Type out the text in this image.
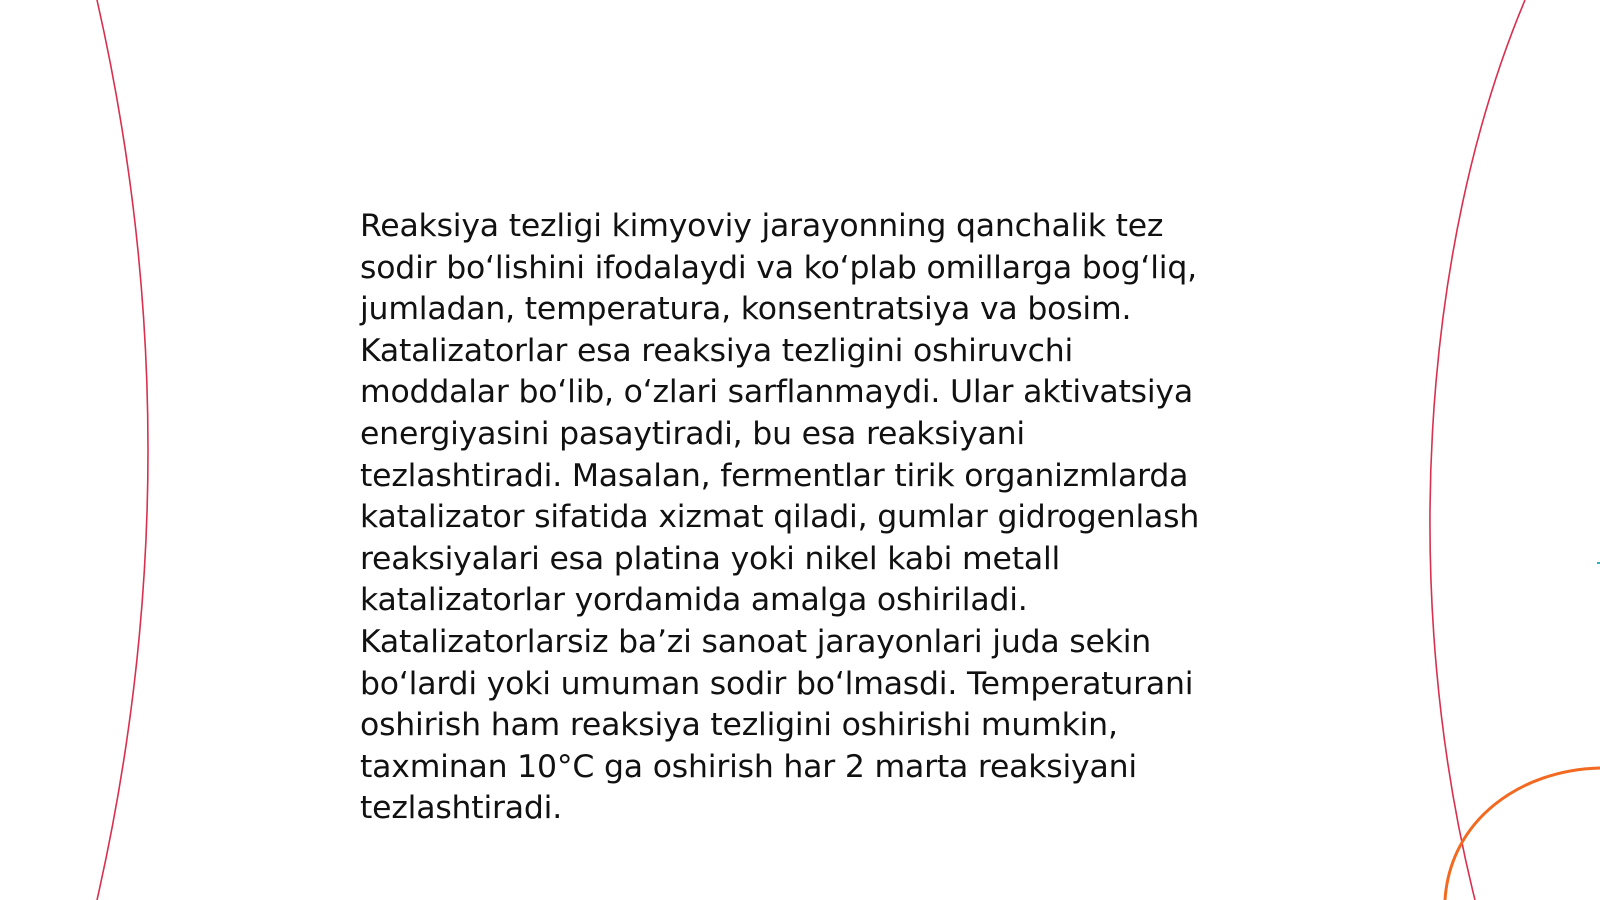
Reaksiya tezligi kimyoviy jarayonning qanchalik tez
sodir bo‘lishini ifodalaydi va ko‘plab omillarga bog‘liq,
jumladan, temperatura, konsentratsiya va bosim.
Katalizatorlar esa reaksiya tezligini oshiruvchi
moddalar bo‘lib, o‘zlari sarflanmaydi. Ular aktivatsiya
energiyasini pasaytiradi, bu esa reaksiyani
tezlashtiradi. Masalan, fermentlar tirik organizmlarda
katalizator sifatida xizmat qiladi, gumlar gidrogenlash
reaksiyalari esa platina yoki nikel kabi metall
katalizatorlar yordamida amalga oshiriladi.
Katalizatorlarsiz ba’zi sanoat jarayonlari juda sekin
bo‘lardi yoki umuman sodir bo‘lmasdi. Temperaturani
oshirish ham reaksiya tezligini oshirishi mumkin,
taxminan 10°C ga oshirish har 2 marta reaksiyani
tezlashtiradi.
